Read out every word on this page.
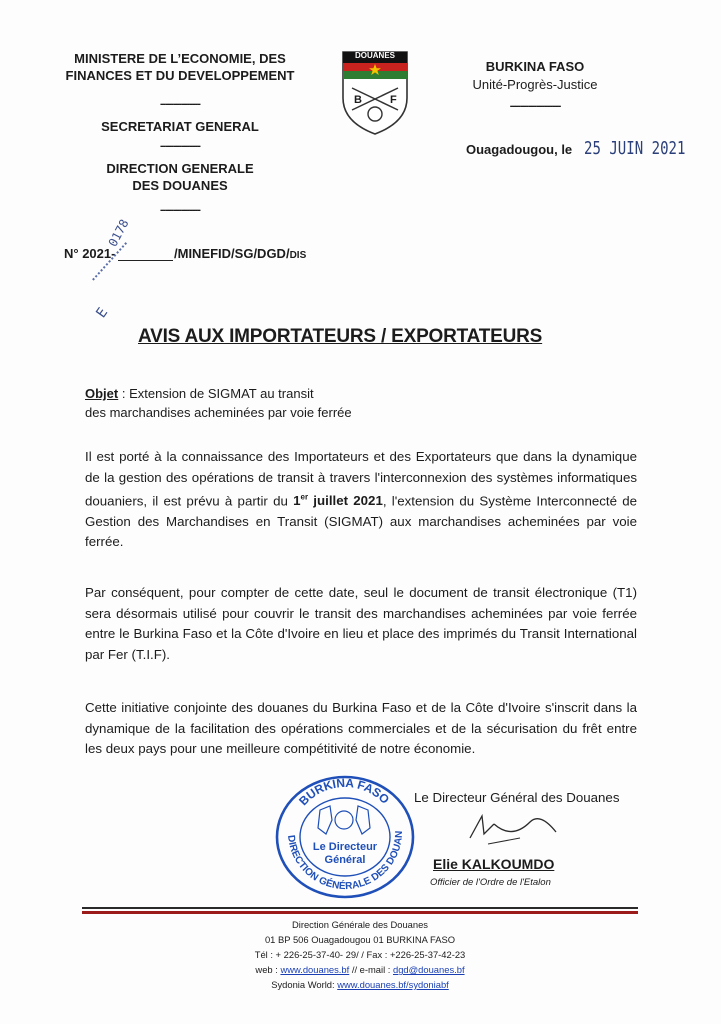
MINISTERE DE L’ECONOMIE, DES
FINANCES ET DU DEVELOPPEMENT
---------------
SECRETARIAT GENERAL
---------------
DIRECTION GENERALE
DES DOUANES
---------------
DOUANES
B	F
BURKINA FASO
Unité-Progrès-Justice
-------------------
Ouagadougou, le 25 JUIN 2021
N° 2021-
0178
/MINEFID/SG/DGD/DIS
E
AVIS AUX IMPORTATEURS / EXPORTATEURS
Objet : Extension de SIGMAT au transit
des marchandises acheminées par voie ferrée
Il est porté à la connaissance des Importateurs et des Exportateurs que dans la dynamique de la gestion des opérations de transit à travers l'interconnexion des systèmes informatiques douaniers, il est prévu à partir du 1er juillet 2021, l'extension du Système Interconnecté de Gestion des Marchandises en Transit (SIGMAT) aux marchandises acheminées par voie ferrée.
Par conséquent, pour compter de cette date, seul le document de transit électronique (T1) sera désormais utilisé pour couvrir le transit des marchandises acheminées par voie ferrée entre le Burkina Faso et la Côte d'Ivoire en lieu et place des imprimés du Transit International par Fer (T.I.F).
Cette initiative conjointe des douanes du Burkina Faso et de la Côte d'Ivoire s'inscrit dans la dynamique de la facilitation des opérations commerciales et de la sécurisation du frêt entre les deux pays pour une meilleure compétitivité de notre économie.
BURKINA FASO
DIRECTION GÉNÉRALE DES DOUAN
Le Directeur
Général
Le Directeur Général des Douanes
Elie KALKOUMDO
Officier de l'Ordre de l'Etalon
Direction Générale des Douanes
01 BP 506 Ouagadougou 01 BURKINA FASO
Tél : + 226-25-37-40- 29/ / Fax : +226-25-37-42-23
web : www.douanes.bf // e-mail : dgd@douanes.bf
Sydonia World: www.douanes.bf/sydoniabf
